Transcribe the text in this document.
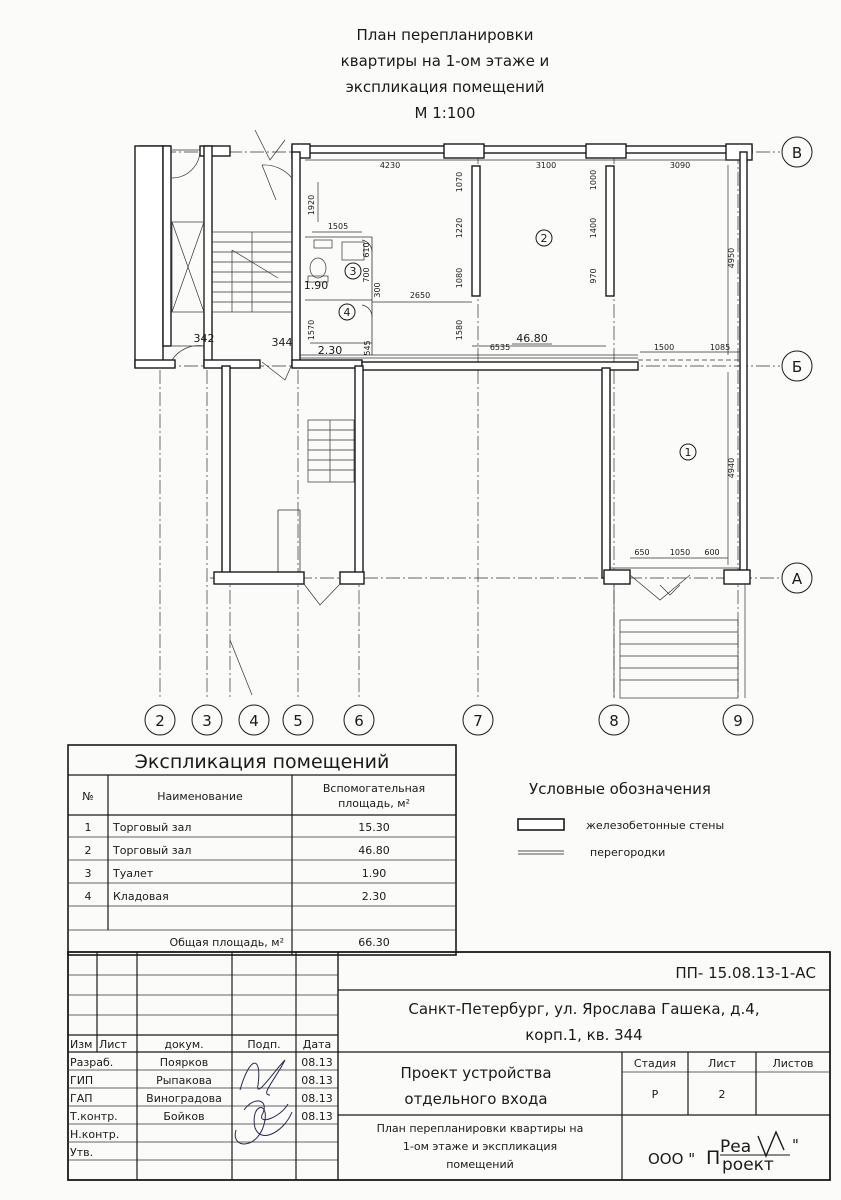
План перепланировки
квартиры на 1-ом этаже и
экспликация помещений
М 1:100
В
Б
А
2 3 4 5	6	7	8	9
2
3
4
1
46.80
1.90
2.30
342	344
4230	3100	3090
1920
1505
610
700
300	2650
1570
545
1580
6535	1500	1085
1070
1220
1080
1000
1400
970
4950
4940
650	1050 600
Экспликация помещений
№	Наименование
Вспомогательная
площадь, м²
1 Торговый зал	15.30
2 Торговый зал	46.80
3 Туалет	1.90
4 Кладовая	2.30
Общая площадь, м²	66.30
Условные обозначения
железобетонные стены
перегородки
ПП- 15.08.13-1-АС
Санкт-Петербург, ул. Ярослава Гашека, д.4,
корп.1, кв. 344
Изм Лист	докум.	Подп. Дата
Разраб.	Поярков	08.13
ГИП	Рыпакова	08.13
ГАП	Виноградова	08.13
Т.контр.	Бойков	08.13
Н.контр.
Утв.
Проект устройства
отдельного входа
План перепланировки квартиры на
1-ом этаже и экспликация
помещений
Стадия	Лист	Листов
Р	2
ООО " П Реа
роект
"
